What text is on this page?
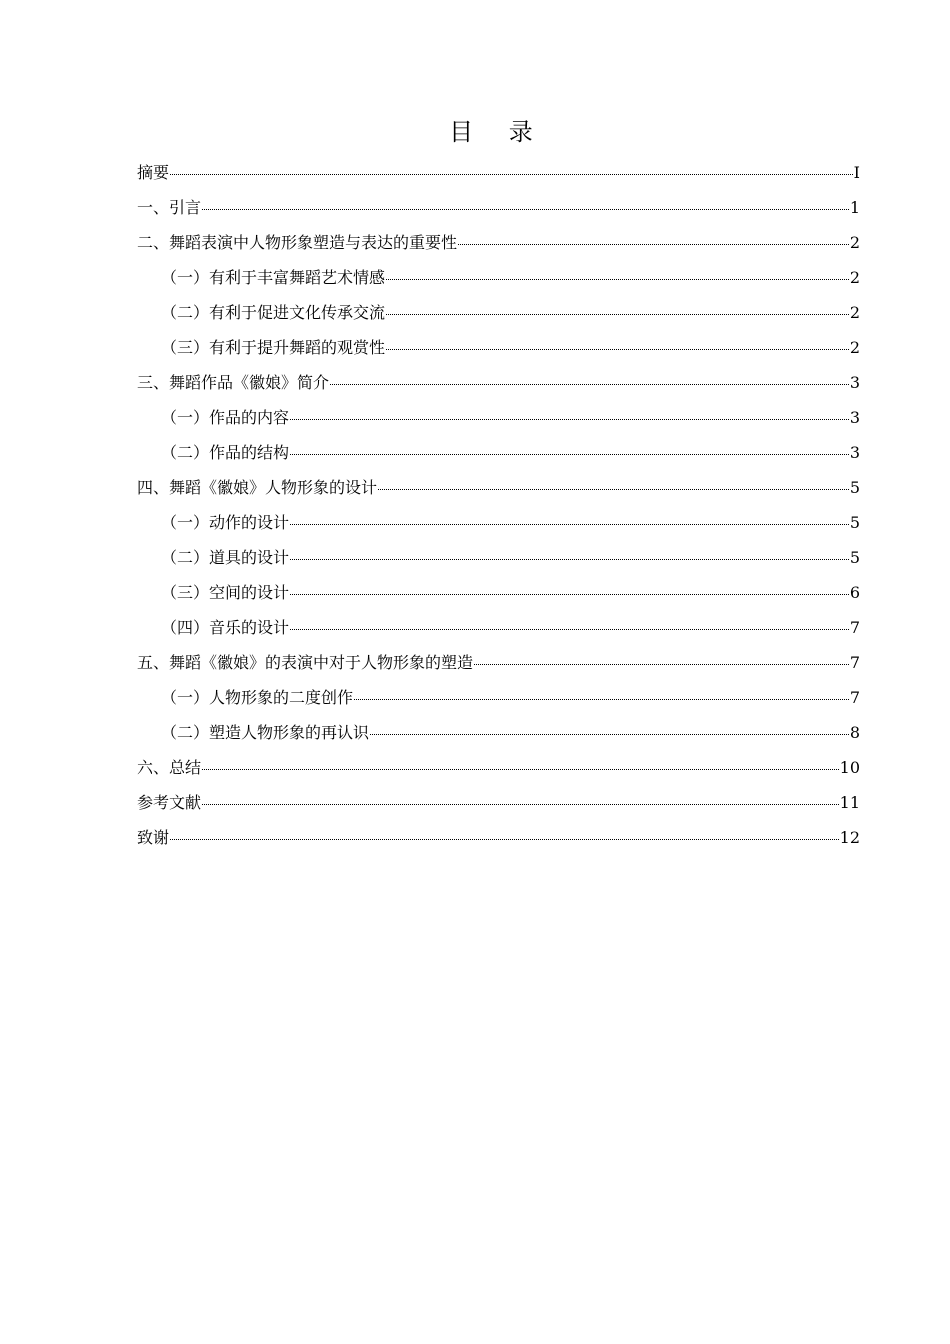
目 录
摘要	I
一、引言	1
二、舞蹈表演中人物形象塑造与表达的重要性	2
（一）有利于丰富舞蹈艺术情感	2
（二）有利于促进文化传承交流	2
（三）有利于提升舞蹈的观赏性	2
三、舞蹈作品《徽娘》简介	3
（一）作品的内容	3
（二）作品的结构	3
四、舞蹈《徽娘》人物形象的设计	5
（一）动作的设计	5
（二）道具的设计	5
（三）空间的设计	6
（四）音乐的设计	7
五、舞蹈《徽娘》的表演中对于人物形象的塑造	7
（一）人物形象的二度创作	7
（二）塑造人物形象的再认识	8
六、总结	10
参考文献	11
致谢	12
